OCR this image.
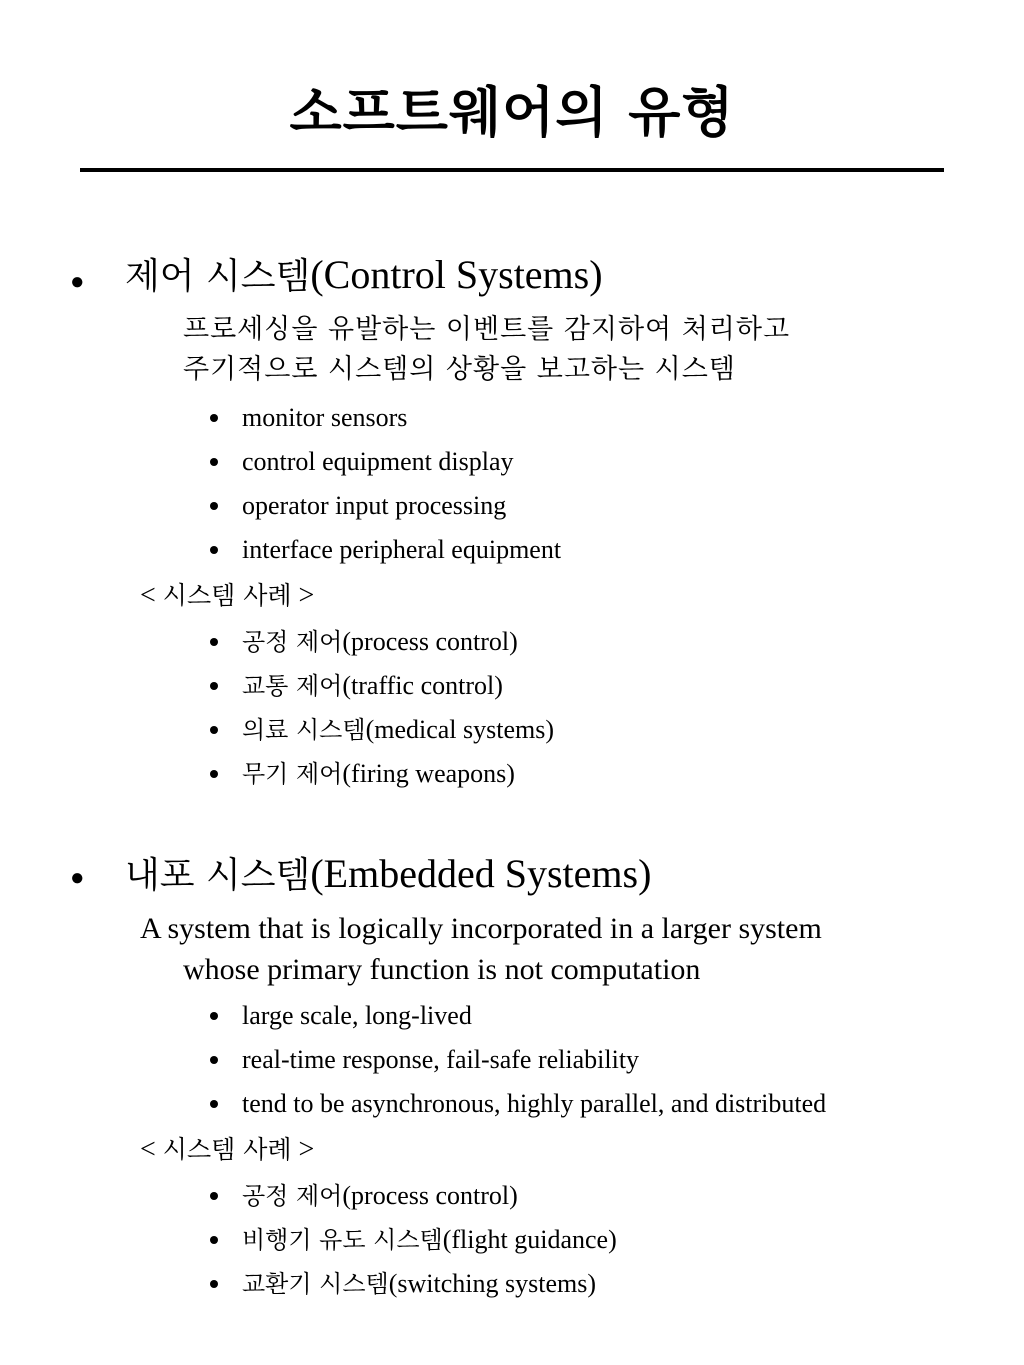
소프트웨어의 유형
● 제어 시스템(Control Systems)
프로세싱을 유발하는 이벤트를 감지하여 처리하고
주기적으로 시스템의 상황을 보고하는 시스템
monitor sensors
control equipment display
operator input processing
interface peripheral equipment
< 시스템 사례 >
공정 제어(process control)
교통 제어(traffic control)
의료 시스템(medical systems)
무기 제어(firing weapons)
● 내포 시스템(Embedded Systems)
A system that is logically incorporated in a larger system
whose primary function is not computation
large scale, long-lived
real-time response, fail-safe reliability
tend to be asynchronous, highly parallel, and distributed
< 시스템 사례 >
공정 제어(process control)
비행기 유도 시스템(flight guidance)
교환기 시스템(switching systems)
